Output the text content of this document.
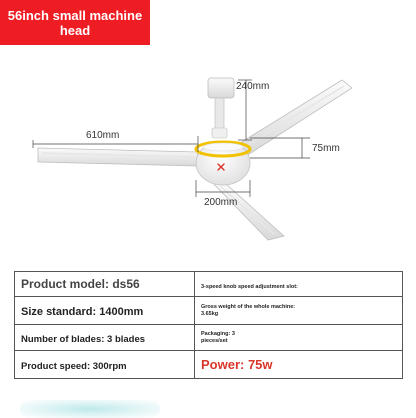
56inch small machine
head
240mm
610mm
75mm
200mm
Product model: ds56	3-speed knob speed adjustment slot:
Size standard: 1400mm	Gross weight of the whole machine:
3.65kg

Number of blades: 3 blades	Packaging: 3
pieces/set

Product speed: 300rpm	Power: 75w
